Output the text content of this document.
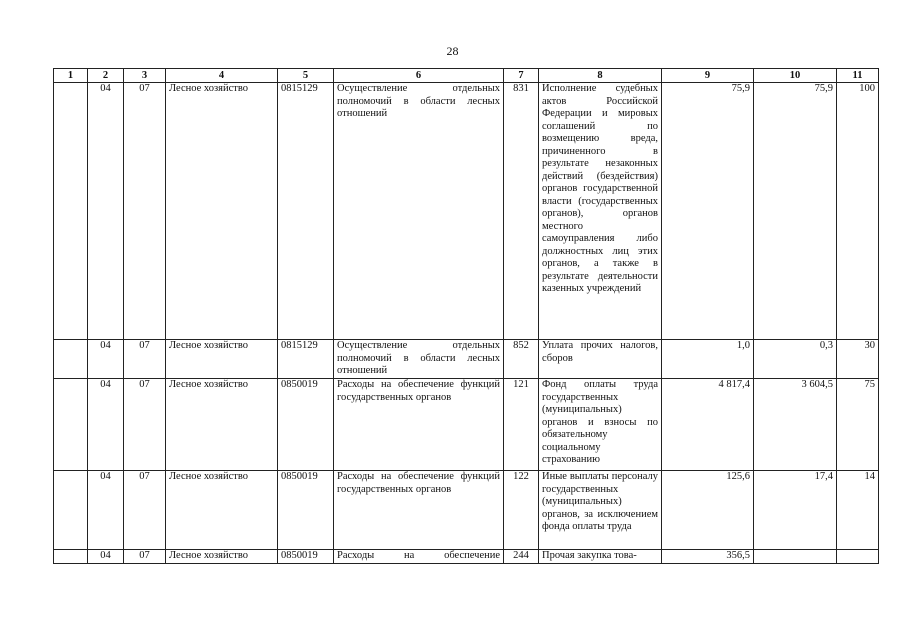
28
1	2	3	4	5	6	7	8	9	10	11
	04	07	Лесное хозяйство	0815129	Осуществление отдельных полномочий в области лесных отношений	831	Исполнение судебных актов Российской Федерации и мировых соглашений по возмещению вреда, причиненного в результате незаконных действий (бездействия) органов государственной власти (государственных органов), органов местного самоуправления либо должностных лиц этих органов, а также в результате деятельности казенных учреждений	75,9	75,9	100
	04	07	Лесное хозяйство	0815129	Осуществление отдельных полномочий в области лесных отношений	852	Уплата прочих налогов, сборов	1,0	0,3	30
	04	07	Лесное хозяйство	0850019	Расходы на обеспечение функций государственных органов	121	Фонд оплаты труда государственных (муниципальных) органов и взносы по обязательному социальному страхованию	4 817,4	3 604,5	75
	04	07	Лесное хозяйство	0850019	Расходы на обеспечение функций государственных органов	122	Иные выплаты персоналу государственных (муниципальных) органов, за исключением фонда оплаты труда	125,6	17,4	14

	04	07	Лесное хозяйство	0850019	Расходы на обеспечение	244	Прочая закупка това-	356,5		
